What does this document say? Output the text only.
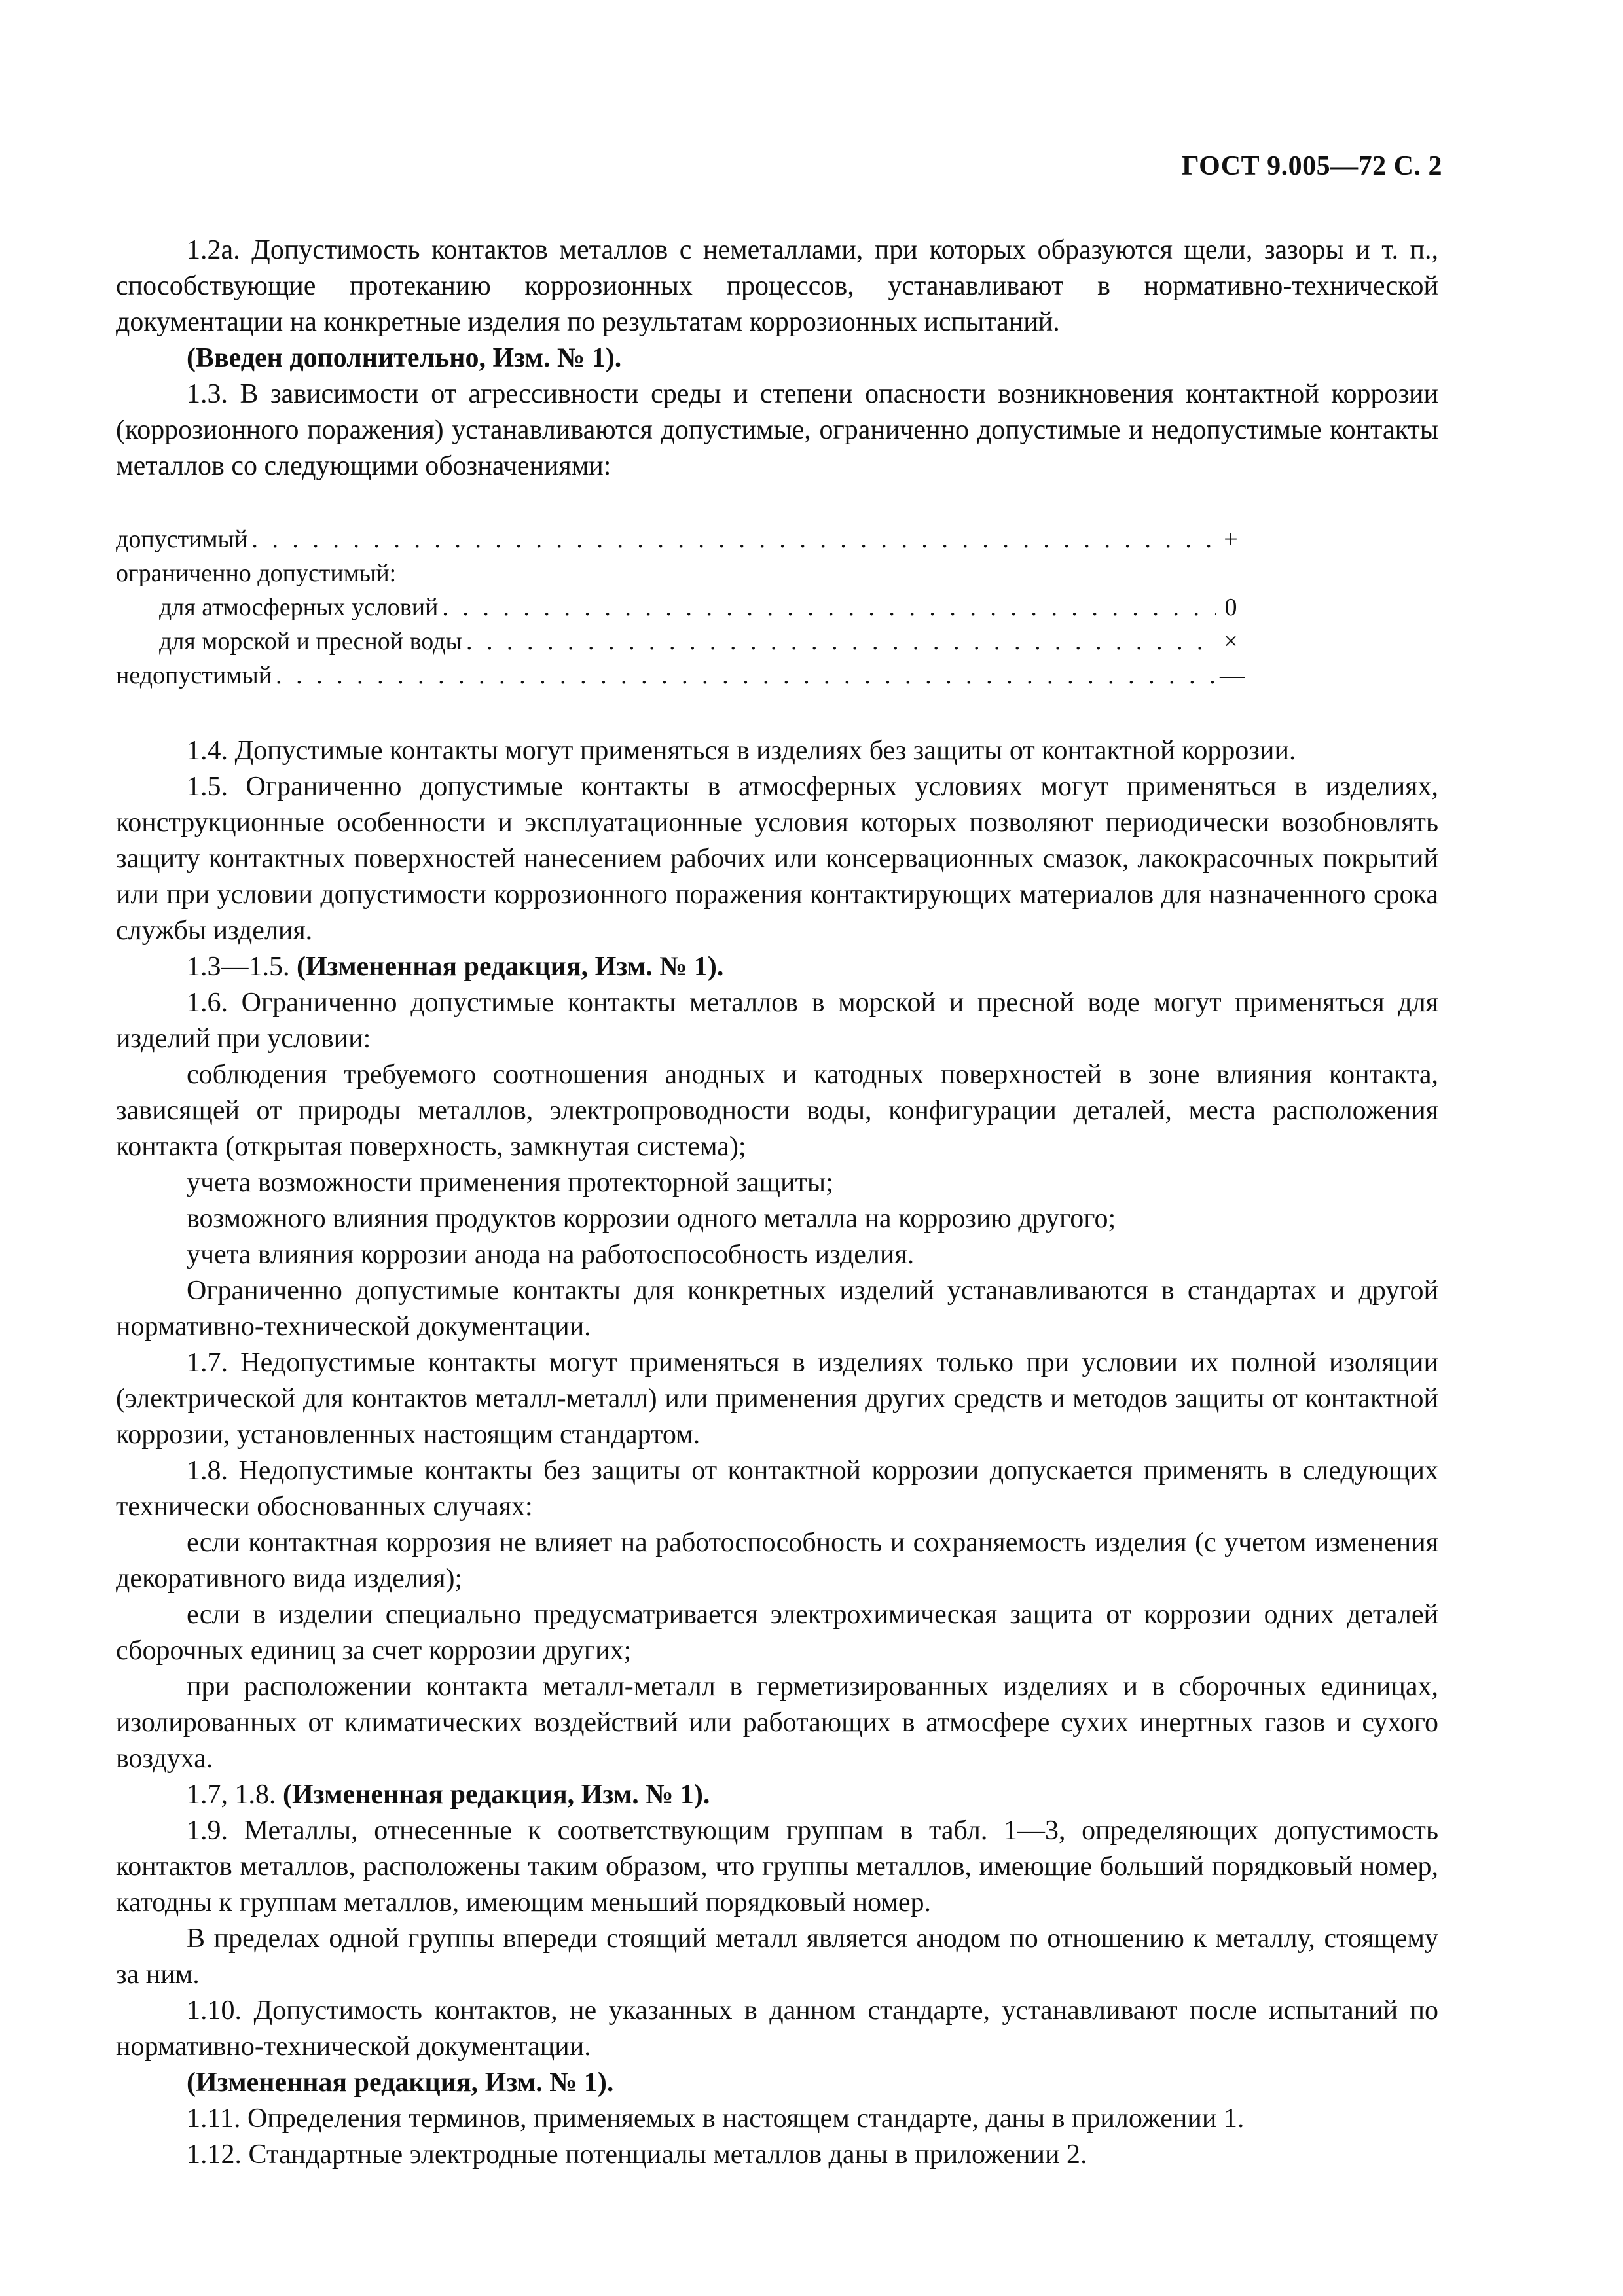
ГОСТ 9.005—72 С. 2

1.2а. Допустимость контактов металлов с неметаллами, при которых образуются щели, зазоры и т. п., способствующие протеканию коррозионных процессов, устанавливают в нормативно-технической документации на конкретные изделия по результатам коррозионных испытаний.

(Введен дополнительно, Изм. № 1).

1.3. В зависимости от агрессивности среды и степени опасности возникновения контактной коррозии (коррозионного поражения) устанавливаются допустимые, ограниченно допустимые и недопустимые контакты металлов со следующими обозначениями:

допустимый . . .	+
ограниченно допустимый:
для атмосферных условий . . .	0
для морской и пресной воды . . .	×
недопустимый . . .	—

1.4. Допустимые контакты могут применяться в изделиях без защиты от контактной коррозии.

1.5. Ограниченно допустимые контакты в атмосферных условиях могут применяться в изделиях, конструкционные особенности и эксплуатационные условия которых позволяют периодически возобновлять защиту контактных поверхностей нанесением рабочих или консервационных смазок, лакокрасочных покрытий или при условии допустимости коррозионного поражения контактирующих материалов для назначенного срока службы изделия.

1.3—1.5. (Измененная редакция, Изм. № 1).

1.6. Ограниченно допустимые контакты металлов в морской и пресной воде могут применяться для изделий при условии:

соблюдения требуемого соотношения анодных и катодных поверхностей в зоне влияния контакта, зависящей от природы металлов, электропроводности воды, конфигурации деталей, места расположения контакта (открытая поверхность, замкнутая система);

учета возможности применения протекторной защиты;

возможного влияния продуктов коррозии одного металла на коррозию другого;

учета влияния коррозии анода на работоспособность изделия.

Ограниченно допустимые контакты для конкретных изделий устанавливаются в стандартах и другой нормативно-технической документации.

1.7. Недопустимые контакты могут применяться в изделиях только при условии их полной изоляции (электрической для контактов металл-металл) или применения других средств и методов защиты от контактной коррозии, установленных настоящим стандартом.

1.8. Недопустимые контакты без защиты от контактной коррозии допускается применять в следующих технически обоснованных случаях:

если контактная коррозия не влияет на работоспособность и сохраняемость изделия (с учетом изменения декоративного вида изделия);

если в изделии специально предусматривается электрохимическая защита от коррозии одних деталей сборочных единиц за счет коррозии других;

при расположении контакта металл-металл в герметизированных изделиях и в сборочных единицах, изолированных от климатических воздействий или работающих в атмосфере сухих инертных газов и сухого воздуха.

1.7, 1.8. (Измененная редакция, Изм. № 1).

1.9. Металлы, отнесенные к соответствующим группам в табл. 1—3, определяющих допустимость контактов металлов, расположены таким образом, что группы металлов, имеющие больший порядковый номер, катодны к группам металлов, имеющим меньший порядковый номер.

В пределах одной группы впереди стоящий металл является анодом по отношению к металлу, стоящему за ним.

1.10. Допустимость контактов, не указанных в данном стандарте, устанавливают после испытаний по нормативно-технической документации.

(Измененная редакция, Изм. № 1).

1.11. Определения терминов, применяемых в настоящем стандарте, даны в приложении 1.

1.12. Стандартные электродные потенциалы металлов даны в приложении 2.
